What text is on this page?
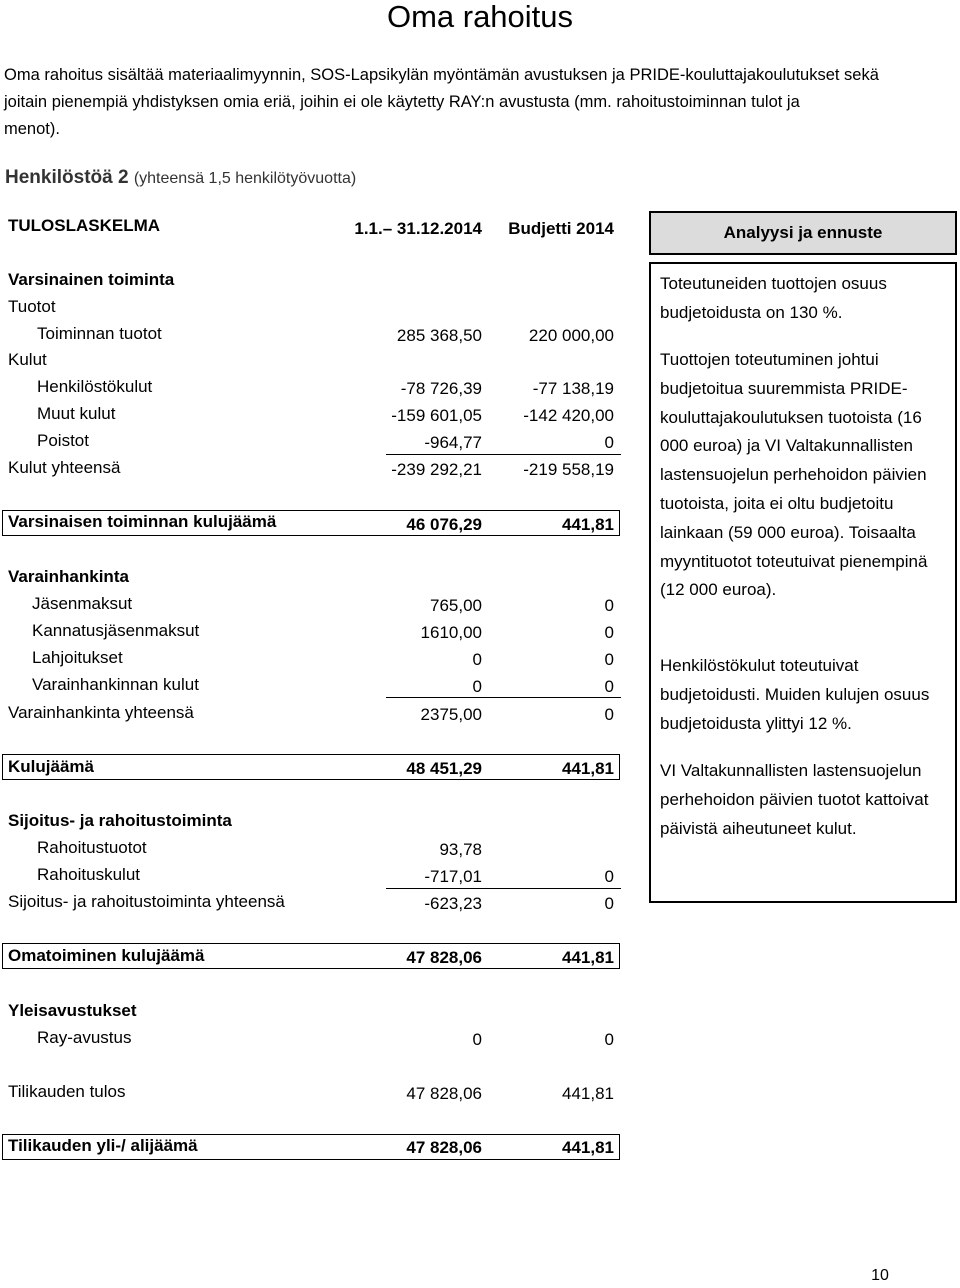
Oma rahoitus
Oma rahoitus sisältää materiaalimyynnin, SOS-Lapsikylän myöntämän avustuksen ja PRIDE-kouluttajakoulutukset sekä
joitain pienempiä yhdistyksen omia eriä, joihin ei ole käytetty RAY:n avustusta (mm. rahoitustoiminnan tulot ja
menot).
Henkilöstöä 2 (yhteensä 1,5 henkilötyövuotta)
TULOSLASKELMA	1.1.– 31.12.2014	Budjetti 2014
Varsinainen toiminta
Tuotot
Toiminnan tuotot	285 368,50	220 000,00
Kulut
Henkilöstökulut	-78 726,39	-77 138,19
Muut kulut	-159 601,05	-142 420,00
Poistot	-964,77	0
Kulut yhteensä	-239 292,21	-219 558,19
Varsinaisen toiminnan kulujäämä	46 076,29	441,81
Varainhankinta
Jäsenmaksut	765,00	0
Kannatusjäsenmaksut	1610,00	0
Lahjoitukset	0	0
Varainhankinnan kulut	0	0
Varainhankinta yhteensä	2375,00	0
Kulujäämä	48 451,29	441,81
Sijoitus- ja rahoitustoiminta
Rahoitustuotot	93,78
Rahoituskulut	-717,01	0
Sijoitus- ja rahoitustoiminta yhteensä	-623,23	0
Omatoiminen kulujäämä	47 828,06	441,81
Yleisavustukset
Ray-avustus	0	0
Tilikauden tulos	47 828,06	441,81
Tilikauden yli-/ alijäämä	47 828,06	441,81
Analyysi ja ennuste
Toteutuneiden tuottojen osuus budjetoidusta on 130 %.
Tuottojen toteutuminen johtui budjetoitua suuremmista PRIDE-kouluttajakoulutuksen tuotoista (16 000 euroa) ja VI Valtakunnallisten lastensuojelun perhehoidon päivien tuotoista, joita ei oltu budjetoitu lainkaan (59 000 euroa). Toisaalta myyntituotot toteutuivat pienempinä (12 000 euroa).
Henkilöstökulut toteutuivat budjetoidusti. Muiden kulujen osuus budjetoidusta ylittyi 12 %.
VI Valtakunnallisten lastensuojelun perhehoidon päivien tuotot kattoivat päivistä aiheutuneet kulut.
10
